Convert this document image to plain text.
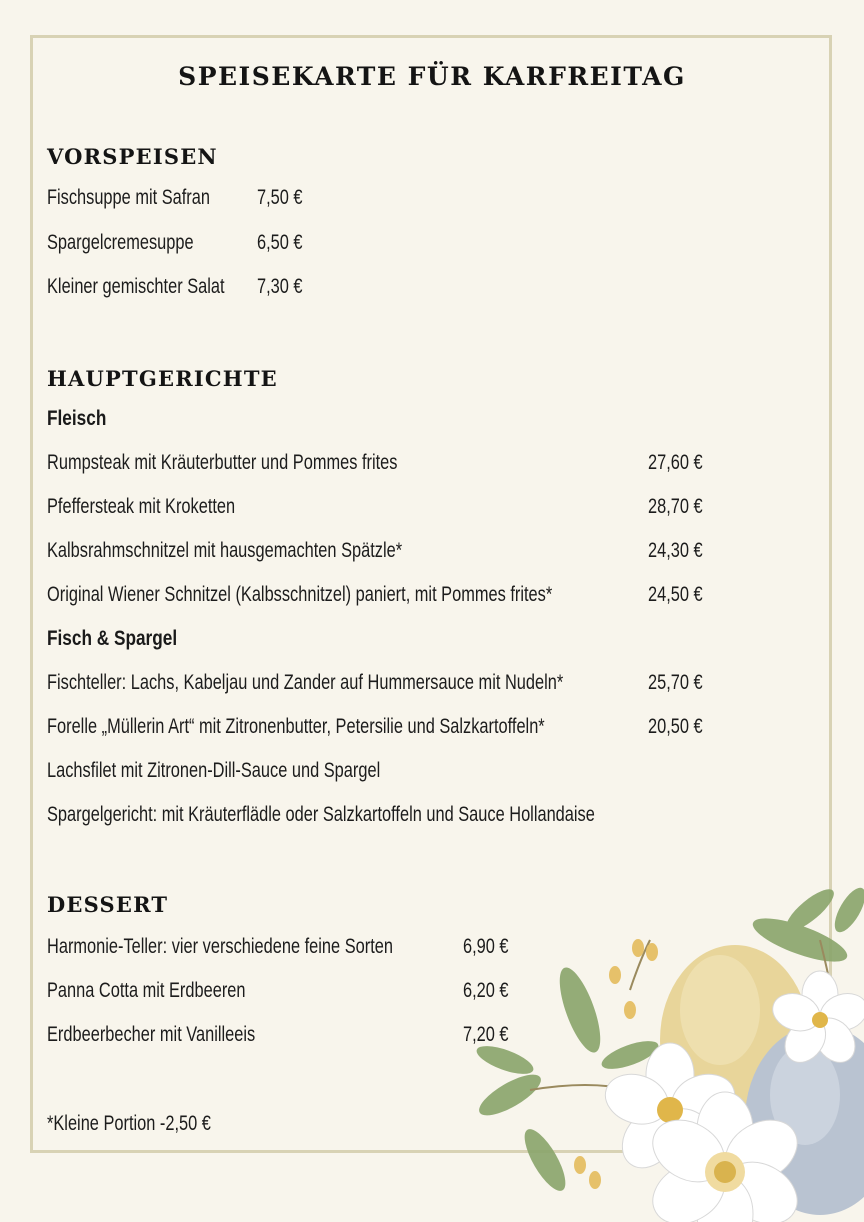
SPEISEKARTE FÜR KARFREITAG
VORSPEISEN
Fischsuppe mit Safran 7,50 €
Spargelcremesuppe	6,50 €
Kleiner gemischter Salat 7,30 €
HAUPTGERICHTE
Fleisch
Rumpsteak mit Kräuterbutter und Pommes frites	27,60 €
Pfeffersteak mit Kroketten	28,70 €
Kalbsrahmschnitzel mit hausgemachten Spätzle*	24,30 €
Original Wiener Schnitzel (Kalbsschnitzel) paniert, mit Pommes frites*	24,50 €
Fisch & Spargel
Fischteller: Lachs, Kabeljau und Zander auf Hummersauce mit Nudeln*	25,70 €
Forelle „Müllerin Art“ mit Zitronenbutter, Petersilie und Salzkartoffeln*	20,50 €
Lachsfilet mit Zitronen-Dill-Sauce und Spargel
Spargelgericht: mit Kräuterflädle oder Salzkartoffeln und Sauce Hollandaise
DESSERT
Harmonie-Teller: vier verschiedene feine Sorten	6,90 €
Panna Cotta mit Erdbeeren	6,20 €
Erdbeerbecher mit Vanilleeis	7,20 €
*Kleine Portion -2,50 €
